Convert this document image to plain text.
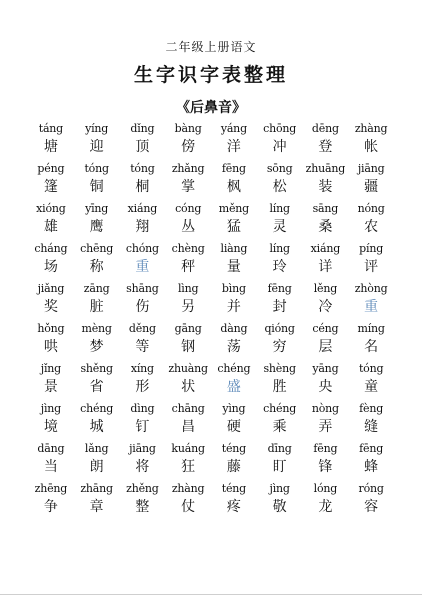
二年级上册语文
生字识字表整理
《后鼻音》
táng
塘
yíng
迎
dǐng
顶
bàng
傍
yáng
洋
chōng
冲
dēng
登
zhàng
帐
péng
篷
tóng
铜
tóng
桐
zhǎng
掌
fēng
枫
sōng
松
zhuāng
装
jiāng
疆
xióng
雄
yīng
鹰
xiáng
翔
cóng
丛
měng
猛
líng
灵
sāng
桑
nóng
农
cháng
场
chēng
称
chóng
重
chèng
秤
liàng
量
líng
玲
xiáng
详
píng
评
jiǎng
奖
zāng
脏
shāng
伤
lìng
另
bìng
并
fēng
封
lěng
冷
zhòng
重
hǒng
哄
mèng
梦
děng
等
gāng
钢
dàng
荡
qióng
穷
céng
层
míng
名
jǐng
景
shěng
省
xíng
形
zhuàng
状
chéng
盛
shèng
胜
yāng
央
tóng
童
jìng
境
chéng
城
dìng
钉
chāng
昌
yìng
硬
chéng
乘
nòng
弄
fèng
缝
dāng
当
lǎng
朗
jiāng
将
kuáng
狂
téng
藤
dīng
盯
fēng
锋
fēng
蜂
zhēng
争
zhāng
章
zhěng
整
zhàng
仗
téng
疼
jìng
敬
lóng
龙
róng
容
